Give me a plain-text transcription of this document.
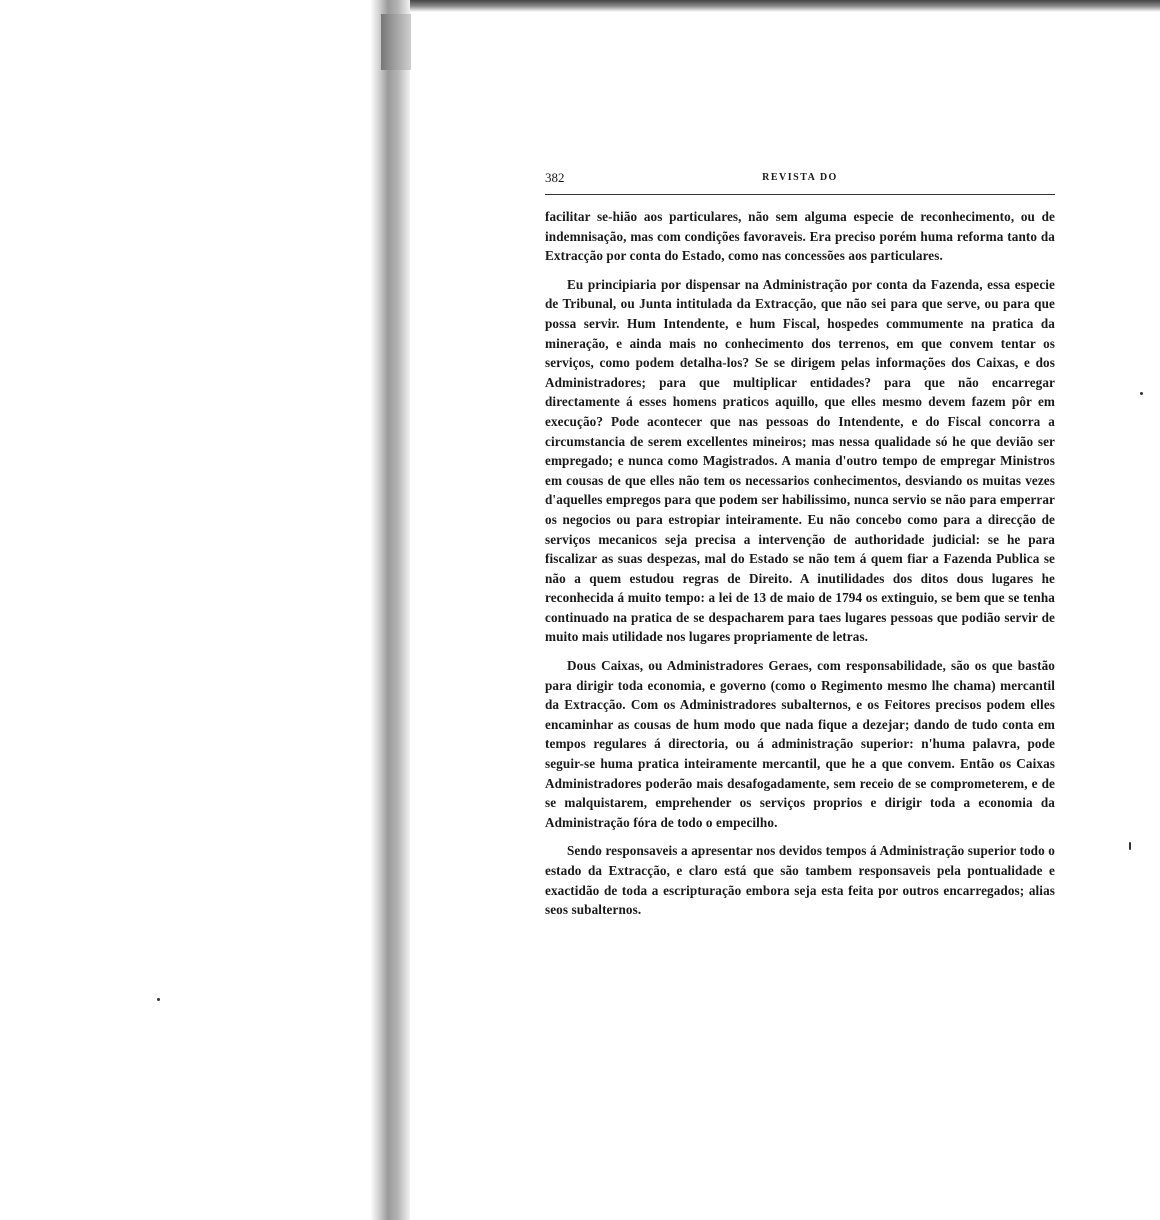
382	REVISTA DO

facilitar se-hião aos particulares, não sem alguma especie de reconhecimento, ou de indemnisação, mas com condições favoraveis. Era preciso porém huma reforma tanto da Extracção por conta do Estado, como nas concessões aos particulares.

Eu principiaria por dispensar na Administração por conta da Fazenda, essa especie de Tribunal, ou Junta intitulada da Extracção, que não sei para que serve, ou para que possa servir. Hum Intendente, e hum Fiscal, hospedes commumente na pratica da mineração, e ainda mais no conhecimento dos terrenos, em que convem tentar os serviços, como podem detalha-los? Se se dirigem pelas informações dos Caixas, e dos Administradores; para que multiplicar entidades? para que não encarregar directamente á esses homens praticos aquillo, que elles mesmo devem fazem pôr em execução? Pode acontecer que nas pessoas do Intendente, e do Fiscal concorra a circumstancia de serem excellentes mineiros; mas nessa qualidade só he que devião ser empregado; e nunca como Magistrados. A mania d'outro tempo de empregar Ministros em cousas de que elles não tem os necessarios conhecimentos, desviando os muitas vezes d'aquelles empregos para que podem ser habilissimo, nunca servio se não para emperrar os negocios ou para estropiar inteiramente. Eu não concebo como para a direcção de serviços mecanicos seja precisa a intervenção de authoridade judicial: se he para fiscalizar as suas despezas, mal do Estado se não tem á quem fiar a Fazenda Publica se não a quem estudou regras de Direito. A inutilidades dos ditos dous lugares he reconhecida á muito tempo: a lei de 13 de maio de 1794 os extinguio, se bem que se tenha continuado na pratica de se despacharem para taes lugares pessoas que podião servir de muito mais utilidade nos lugares propriamente de letras.

Dous Caixas, ou Administradores Geraes, com responsabilidade, são os que bastão para dirigir toda economia, e governo (como o Regimento mesmo lhe chama) mercantil da Extracção. Com os Administradores subalternos, e os Feitores precisos podem elles encaminhar as cousas de hum modo que nada fique a dezejar; dando de tudo conta em tempos regulares á directoria, ou á administração superior: n'huma palavra, pode seguir-se huma pratica inteiramente mercantil, que he a que convem. Então os Caixas Administradores poderão mais desafogadamente, sem receio de se comprometerem, e de se malquistarem, emprehender os serviços proprios e dirigir toda a economia da Administração fóra de todo o empecilho.

Sendo responsaveis a apresentar nos devidos tempos á Administração superior todo o estado da Extracção, e claro está que são tambem responsaveis pela pontualidade e exactidão de toda a escripturação embora seja esta feita por outros encarregados; alias seos subalternos.
